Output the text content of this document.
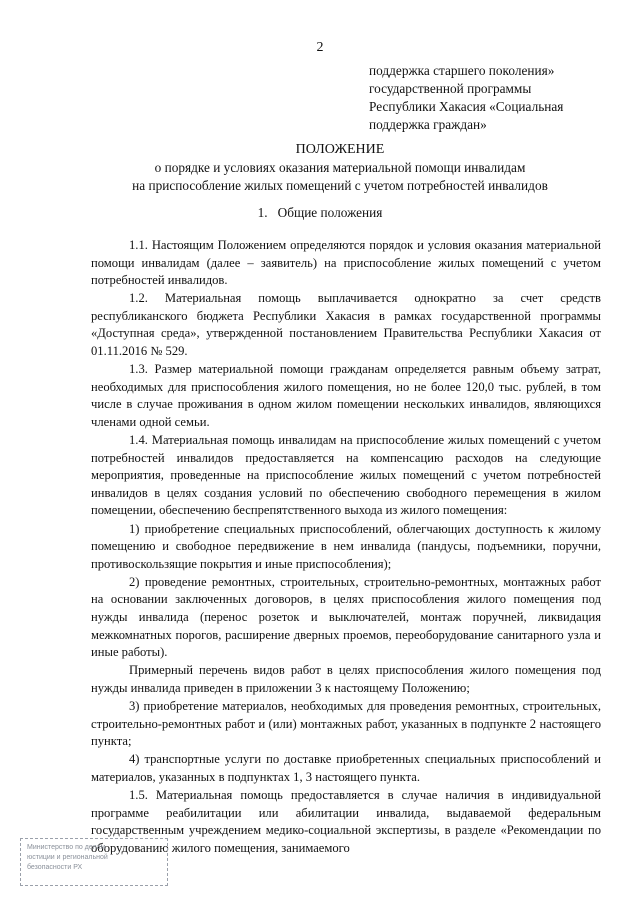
2
поддержка старшего поколения»
государственной программы
Республики Хакасия «Социальная
поддержка граждан»
ПОЛОЖЕНИЕ
о порядке и условиях оказания материальной помощи инвалидам
на приспособление жилых помещений с учетом потребностей инвалидов
1.   Общие положения

1.1. Настоящим Положением определяются порядок и условия оказания материальной помощи инвалидам (далее – заявитель) на приспособление жилых помещений с учетом потребностей инвалидов.

1.2. Материальная помощь выплачивается однократно за счет средств республиканского бюджета Республики Хакасия в рамках государственной программы «Доступная среда», утвержденной постановлением Правительства Республики Хакасия от 01.11.2016 № 529.

1.3. Размер материальной помощи гражданам определяется равным объему затрат, необходимых для приспособления жилого помещения, но не более 120,0 тыс. рублей, в том числе в случае проживания в одном жилом помещении нескольких инвалидов, являющихся членами одной семьи.

1.4. Материальная помощь инвалидам на приспособление жилых помещений с учетом потребностей инвалидов предоставляется на компенсацию расходов на следующие мероприятия, проведенные на приспособление жилых помещений с учетом потребностей инвалидов в целях создания условий по обеспечению свободного перемещения в жилом помещении, обеспечению беспрепятственного выхода из жилого помещения:

1) приобретение специальных приспособлений, облегчающих доступность к жилому помещению и свободное передвижение в нем инвалида (пандусы, подъемники, поручни, противоскользящие покрытия и иные приспособления);

2) проведение ремонтных, строительных, строительно-ремонтных, монтажных работ на основании заключенных договоров, в целях приспособления жилого помещения под нужды инвалида (перенос розеток и выключателей, монтаж поручней, ликвидация межкомнатных порогов, расширение дверных проемов, переоборудование санитарного узла и иные работы).

Примерный перечень видов работ в целях приспособления жилого помещения под нужды инвалида приведен в приложении 3 к настоящему Положению;

3) приобретение материалов, необходимых для проведения ремонтных, строительных, строительно-ремонтных работ и (или) монтажных работ, указанных в подпункте 2 настоящего пункта;

4) транспортные услуги по доставке приобретенных специальных приспособлений и материалов, указанных в подпунктах 1, 3 настоящего пункта.

1.5. Материальная помощь предоставляется в случае наличия в индивидуальной программе реабилитации или абилитации инвалида, выдаваемой федеральным государственным учреждением медико-социальной экспертизы, в разделе «Рекомендации по оборудованию жилого помещения, занимаемого

Министерство по делам
юстиции и региональной
безопасности РХ
